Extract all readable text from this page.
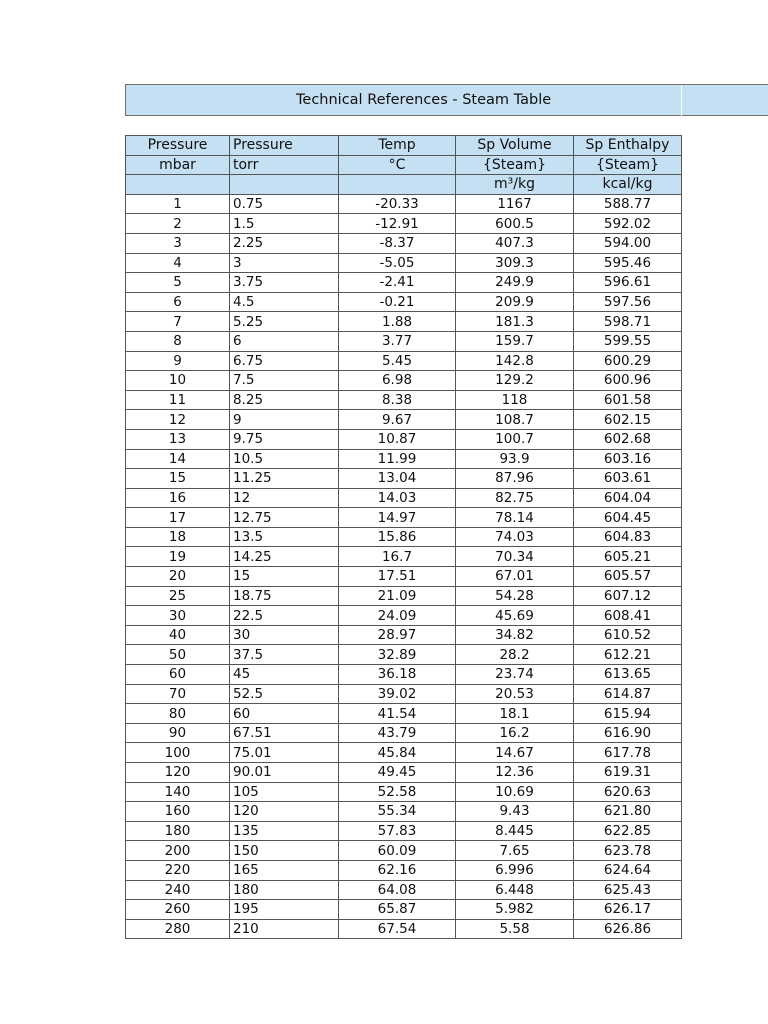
Technical References - Steam Table
Pressure	Pressure	Temp	Sp Volume	Sp Enthalpy
mbar	torr	°C	{Steam}	{Steam}
			m³/kg	kcal/kg
1	0.75	-20.33	1167	588.77
2	1.5	-12.91	600.5	592.02
3	2.25	-8.37	407.3	594.00
4	3	-5.05	309.3	595.46
5	3.75	-2.41	249.9	596.61
6	4.5	-0.21	209.9	597.56
7	5.25	1.88	181.3	598.71
8	6	3.77	159.7	599.55
9	6.75	5.45	142.8	600.29
10	7.5	6.98	129.2	600.96
11	8.25	8.38	118	601.58
12	9	9.67	108.7	602.15
13	9.75	10.87	100.7	602.68
14	10.5	11.99	93.9	603.16
15	11.25	13.04	87.96	603.61
16	12	14.03	82.75	604.04
17	12.75	14.97	78.14	604.45
18	13.5	15.86	74.03	604.83
19	14.25	16.7	70.34	605.21
20	15	17.51	67.01	605.57
25	18.75	21.09	54.28	607.12
30	22.5	24.09	45.69	608.41
40	30	28.97	34.82	610.52
50	37.5	32.89	28.2	612.21
60	45	36.18	23.74	613.65
70	52.5	39.02	20.53	614.87
80	60	41.54	18.1	615.94
90	67.51	43.79	16.2	616.90
100	75.01	45.84	14.67	617.78
120	90.01	49.45	12.36	619.31
140	105	52.58	10.69	620.63
160	120	55.34	9.43	621.80
180	135	57.83	8.445	622.85
200	150	60.09	7.65	623.78
220	165	62.16	6.996	624.64
240	180	64.08	6.448	625.43
260	195	65.87	5.982	626.17
280	210	67.54	5.58	626.86
